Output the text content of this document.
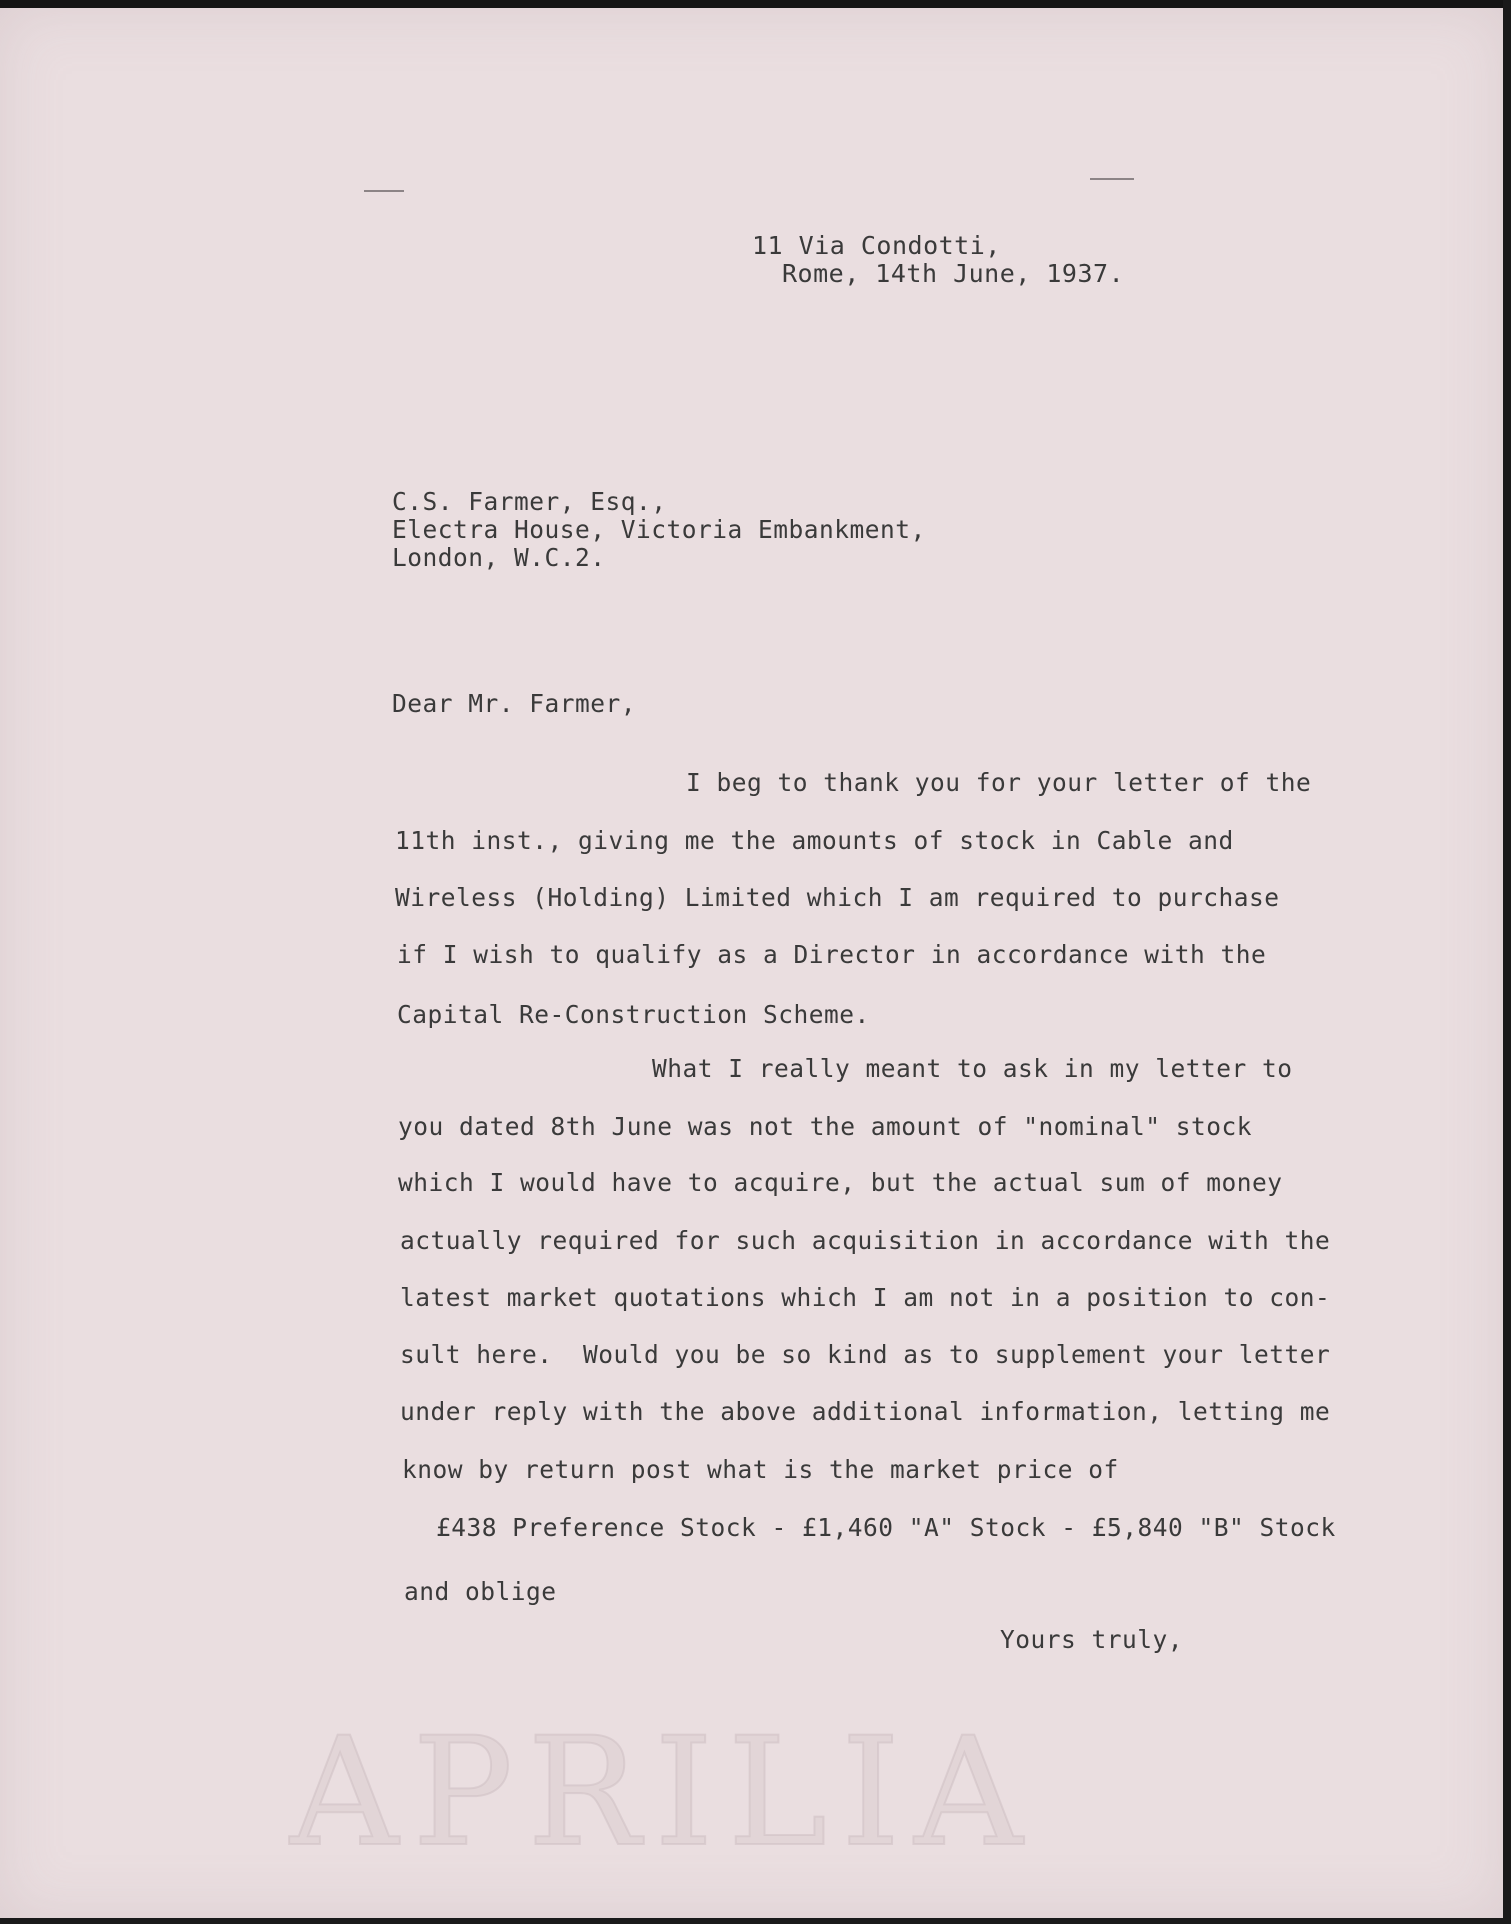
11 Via Condotti,
Rome, 14th June, 1937.
C.S. Farmer, Esq.,
Electra House, Victoria Embankment,
London, W.C.2.
Dear Mr. Farmer,
I beg to thank you for your letter of the
11th inst., giving me the amounts of stock in Cable and
Wireless (Holding) Limited which I am required to purchase
if I wish to qualify as a Director in accordance with the
Capital Re-Construction Scheme.
What I really meant to ask in my letter to
you dated 8th June was not the amount of "nominal" stock
which I would have to acquire, but the actual sum of money
actually required for such acquisition in accordance with the
latest market quotations which I am not in a position to con-
sult here.  Would you be so kind as to supplement your letter
under reply with the above additional information, letting me
know by return post what is the market price of
£438 Preference Stock - £1,460 "A" Stock - £5,840 "B" Stock
and oblige
Yours truly,
APRILIA
